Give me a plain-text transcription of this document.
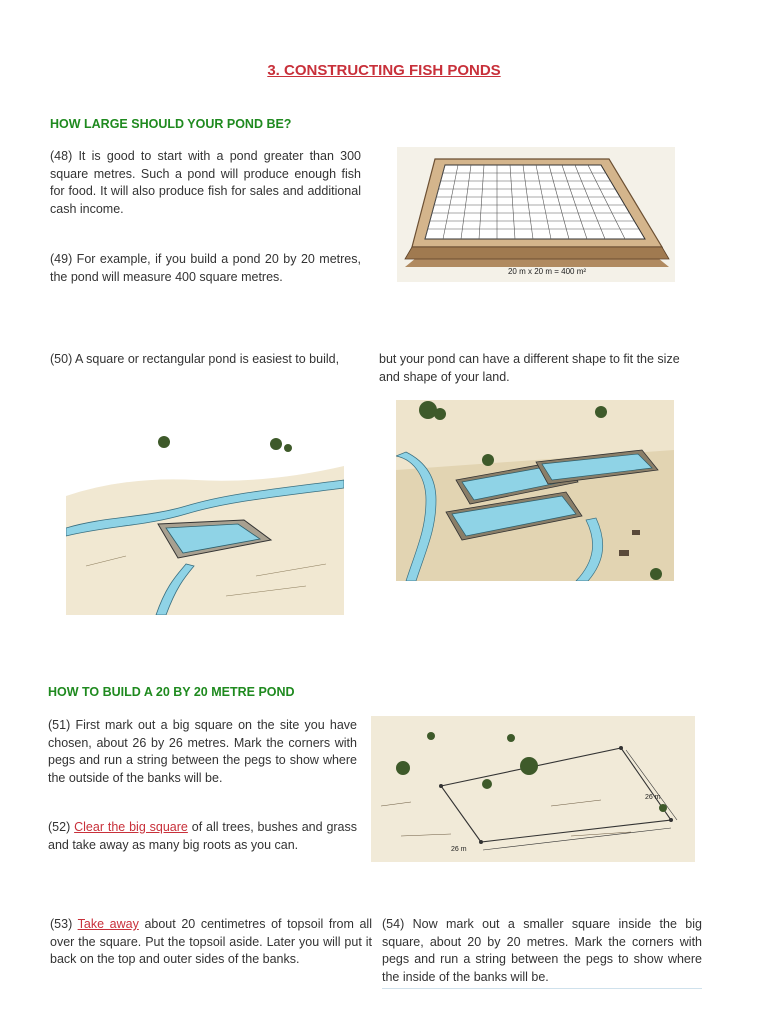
3. CONSTRUCTING FISH PONDS
HOW LARGE SHOULD YOUR POND BE?
(48) It is good to start with a pond greater than 300 square metres. Such a pond will produce enough fish for food. It will also produce fish for sales and additional cash income.
(49) For example, if you build a pond 20 by 20 metres, the pond will measure 400 square metres.	20 m x 20 m = 400 m²
(50) A square or rectangular pond is easiest to build,	but your pond can have a different shape to fit the size and shape of your land.
HOW TO BUILD A 20 BY 20 METRE POND
(51) First mark out a big square on the site you have chosen, about 26 by 26 metres. Mark the corners with pegs and run a string between the pegs to show where the outside of the banks will be.
(52) Clear the big square of all trees, bushes and grass and take away as many big roots as you can.
26 m
26 m
(53) Take away about 20 centimetres of topsoil from all over the square. Put the topsoil aside. Later you will put it back on the top and outer sides of the banks.
(54) Now mark out a smaller square inside the big square, about 20 by 20 metres. Mark the corners with pegs and run a string between the pegs to show where the inside of the banks will be.
